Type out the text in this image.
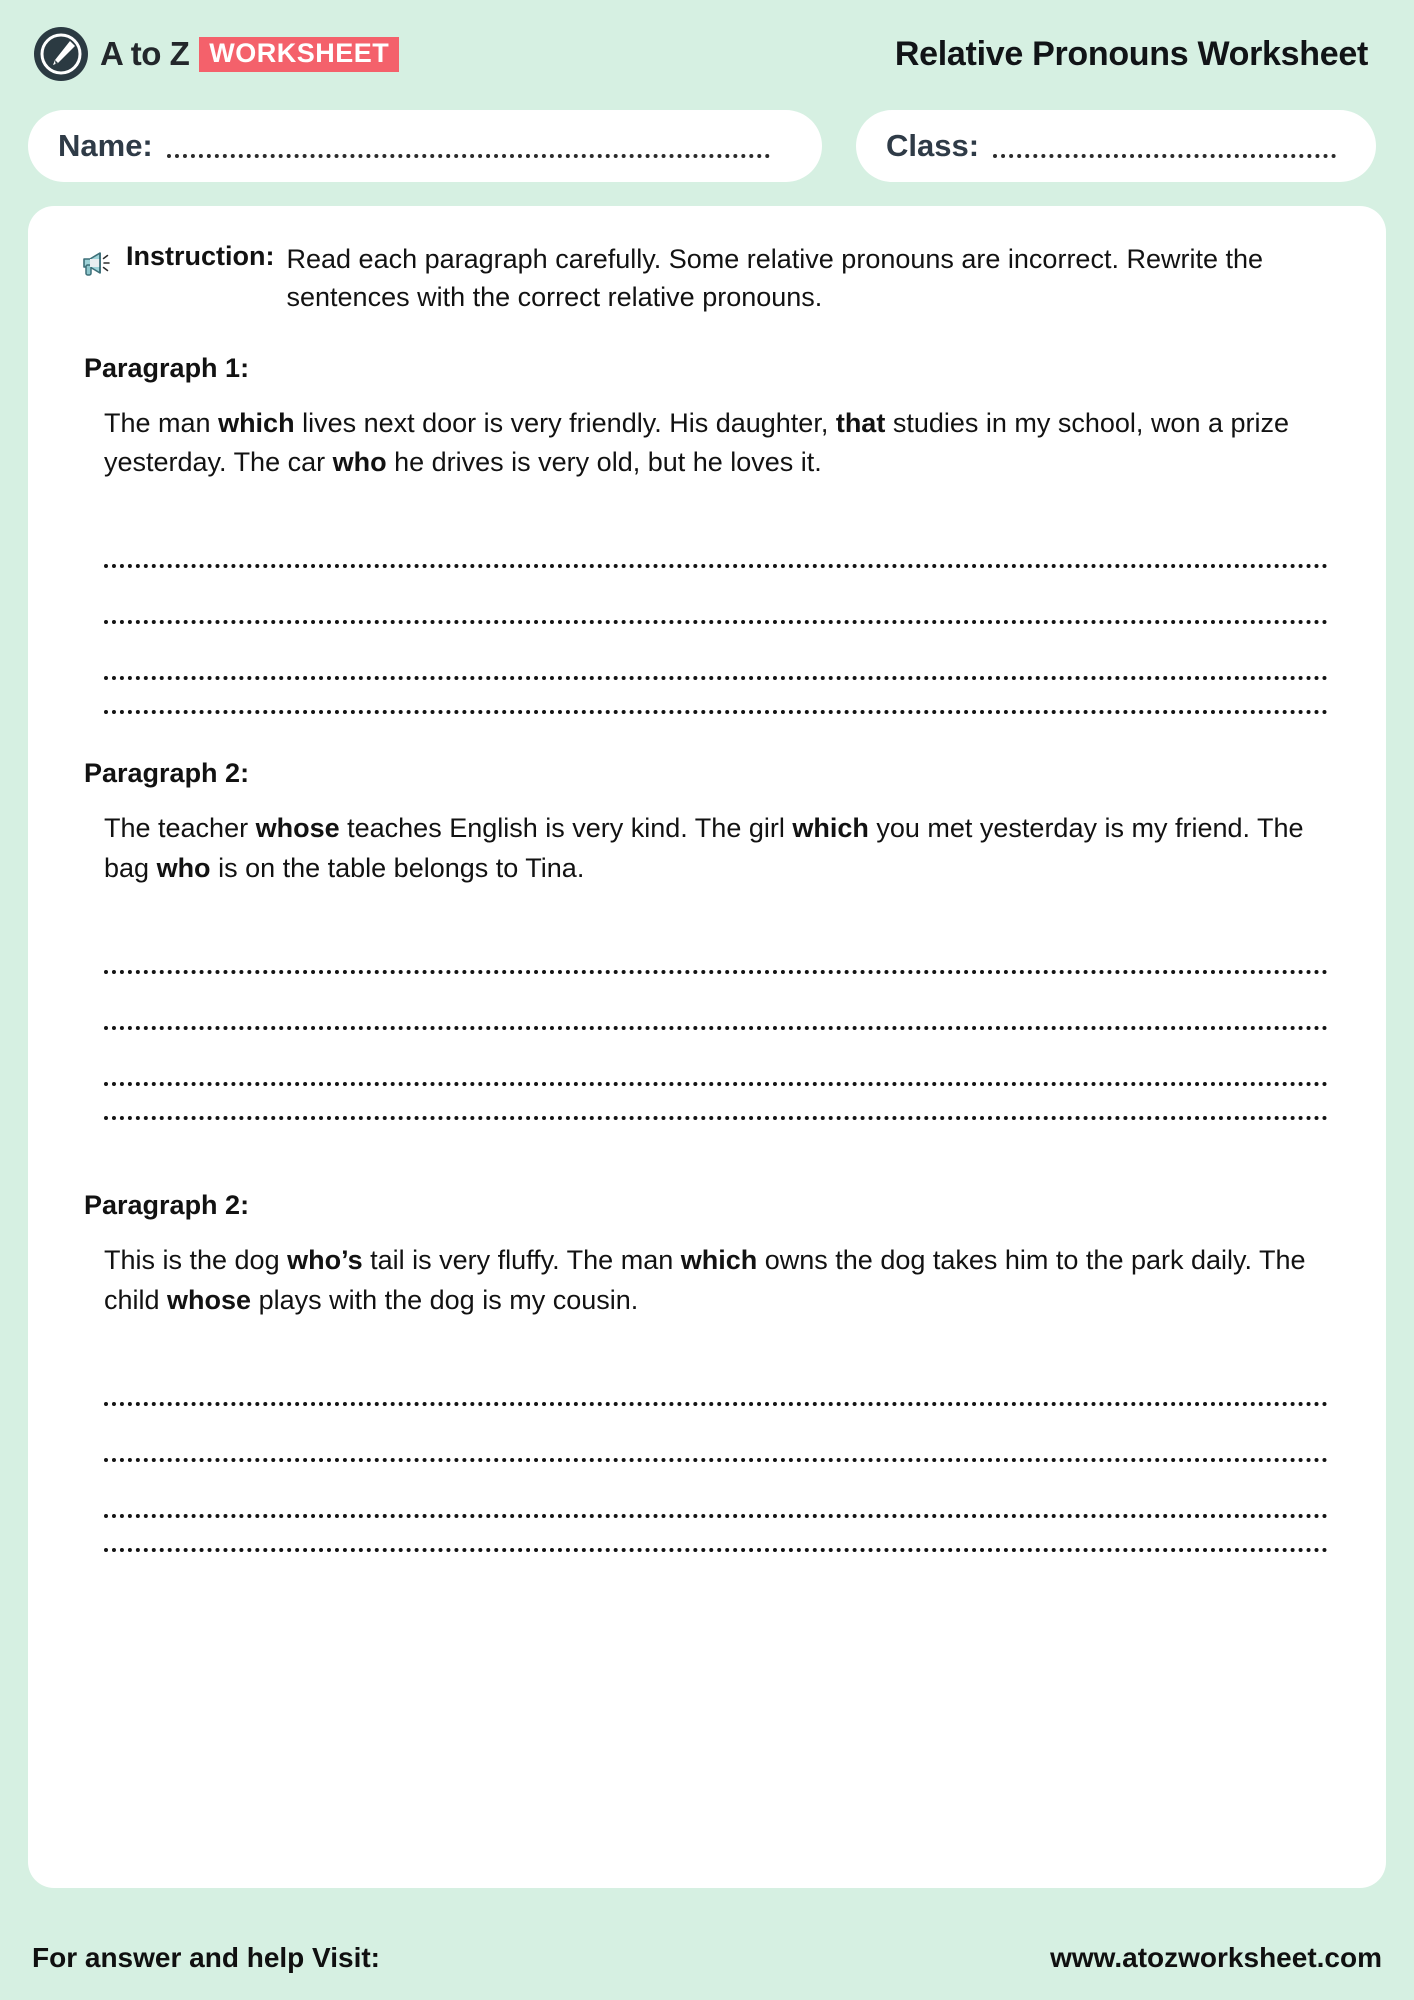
A to Z WORKSHEET	Relative Pronouns Worksheet
Name:	Class:
Instruction: Read each paragraph carefully. Some relative pronouns are incorrect. Rewrite the sentences with the correct relative pronouns.
Paragraph 1:
The man which lives next door is very friendly. His daughter, that studies in my school, won a prize yesterday. The car who he drives is very old, but he loves it.
Paragraph 2:
The teacher whose teaches English is very kind. The girl which you met yesterday is my friend. The bag who is on the table belongs to Tina.
Paragraph 2:
This is the dog who’s tail is very fluffy. The man which owns the dog takes him to the park daily. The child whose plays with the dog is my cousin.
For answer and help Visit:	www.atozworksheet.com
